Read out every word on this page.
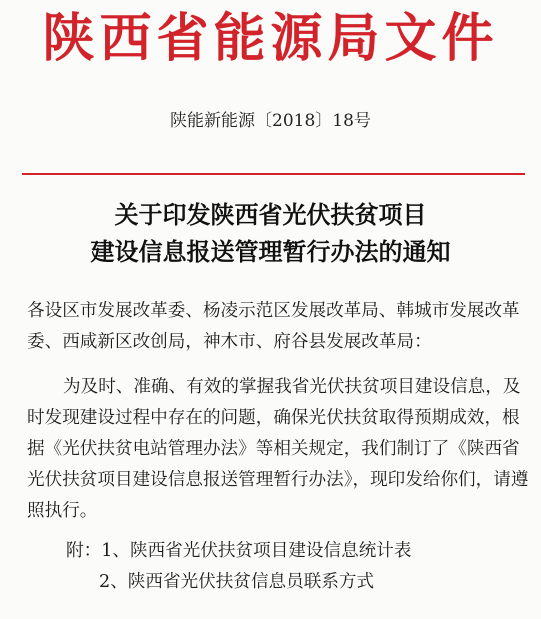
陕西省能源局文件
陕能新能源〔2018〕18号
关于印发陕西省光伏扶贫项目
建设信息报送管理暂行办法的通知
各设区市发展改革委、杨凌示范区发展改革局、韩城市发展改革
委、西咸新区改创局，神木市、府谷县发展改革局：
为及时、准确、有效的掌握我省光伏扶贫项目建设信息，及
时发现建设过程中存在的问题，确保光伏扶贫取得预期成效，根
据《光伏扶贫电站管理办法》等相关规定，我们制订了《陕西省
光伏扶贫项目建设信息报送管理暂行办法》，现印发给你们，请遵
照执行。
附：1、陕西省光伏扶贫项目建设信息统计表
2、陕西省光伏扶贫信息员联系方式
